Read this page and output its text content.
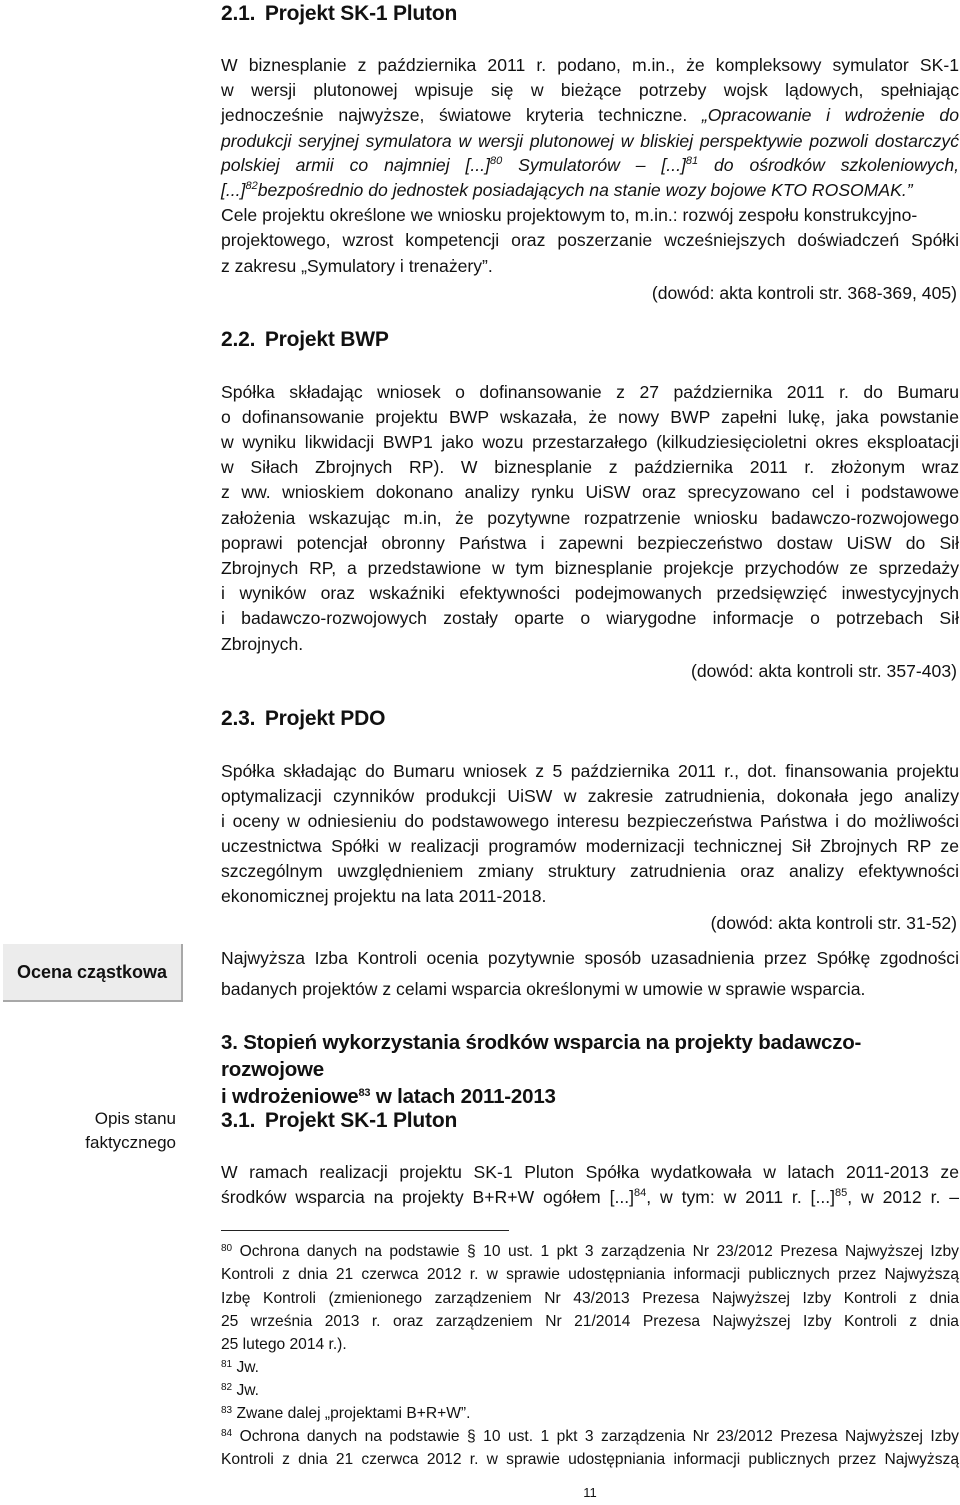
2.1. Projekt SK-1 Pluton
W biznesplanie z października 2011 r. podano, m.in., że kompleksowy symulator SK-1
w wersji plutonowej wpisuje się w bieżące potrzeby wojsk lądowych, spełniając
jednocześnie najwyższe, światowe kryteria techniczne. „Opracowanie i wdrożenie do
produkcji seryjnej symulatora w wersji plutonowej w bliskiej perspektywie pozwoli dostarczyć
polskiej armii co najmniej [...]$^{80}$ Symulatorów – [...]$^{81}$ do ośrodków szkoleniowych,
[...]$^{82}$bezpośrednio do jednostek posiadających na stanie wozy bojowe KTO ROSOMAK.”
Cele projektu określone we wniosku projektowym to, m.in.: rozwój zespołu konstrukcyjno-
projektowego, wzrost kompetencji oraz poszerzanie wcześniejszych doświadczeń Spółki
z zakresu „Symulatory i trenażery”.
(dowód: akta kontroli str. 368-369, 405)
2.2. Projekt BWP
Spółka składając wniosek o dofinansowanie z 27 października 2011 r. do Bumaru
o dofinansowanie projektu BWP wskazała, że nowy BWP zapełni lukę, jaka powstanie
w wyniku likwidacji BWP1 jako wozu przestarzałego (kilkudziesięcioletni okres eksploatacji
w Siłach Zbrojnych RP). W biznesplanie z października 2011 r. złożonym wraz
z ww. wnioskiem dokonano analizy rynku UiSW oraz sprecyzowano cel i podstawowe
założenia wskazując m.in, że pozytywne rozpatrzenie wniosku badawczo-rozwojowego
poprawi potencjał obronny Państwa i zapewni bezpieczeństwo dostaw UiSW do Sił
Zbrojnych RP, a przedstawione w tym biznesplanie projekcje przychodów ze sprzedaży
i wyników oraz wskaźniki efektywności podejmowanych przedsięwzięć inwestycyjnych
i badawczo-rozwojowych zostały oparte o wiarygodne informacje o potrzebach Sił
Zbrojnych.
(dowód: akta kontroli str. 357-403)
2.3. Projekt PDO
Spółka składając do Bumaru wniosek z 5 października 2011 r., dot. finansowania projektu
optymalizacji czynników produkcji UiSW w zakresie zatrudnienia, dokonała jego analizy
i oceny w odniesieniu do podstawowego interesu bezpieczeństwa Państwa i do możliwości
uczestnictwa Spółki w realizacji programów modernizacji technicznej Sił Zbrojnych RP ze
szczególnym uwzględnieniem zmiany struktury zatrudnienia oraz analizy efektywności
ekonomicznej projektu na lata 2011-2018.
(dowód: akta kontroli str. 31-52)
Ocena cząstkowa
Najwyższa Izba Kontroli ocenia pozytywnie sposób uzasadnienia przez Spółkę zgodności
badanych projektów z celami wsparcia określonymi w umowie w sprawie wsparcia.
3. Stopień wykorzystania środków wsparcia na projekty badawczo-rozwojowe
i wdrożeniowe$^{83}$ w latach 2011-2013
Opis stanu
faktycznego
3.1. Projekt SK-1 Pluton
W ramach realizacji projektu SK-1 Pluton Spółka wydatkowała w latach 2011-2013 ze
środków wsparcia na projekty B+R+W ogółem [...]$^{84}$, w tym: w 2011 r. [...]$^{85}$, w 2012 r. –
$^{80}$ Ochrona danych na podstawie § 10 ust. 1 pkt 3 zarządzenia Nr 23/2012 Prezesa Najwyższej Izby
Kontroli z dnia 21 czerwca 2012 r. w sprawie udostępniania informacji publicznych przez Najwyższą
Izbę Kontroli (zmienionego zarządzeniem Nr 43/2013 Prezesa Najwyższej Izby Kontroli z dnia
25 września 2013 r. oraz zarządzeniem Nr 21/2014 Prezesa Najwyższej Izby Kontroli z dnia
25 lutego 2014 r.).
$^{81}$ Jw.
$^{82}$ Jw.
$^{83}$ Zwane dalej „projektami B+R+W”.
$^{84}$ Ochrona danych na podstawie § 10 ust. 1 pkt 3 zarządzenia Nr 23/2012 Prezesa Najwyższej Izby
Kontroli z dnia 21 czerwca 2012 r. w sprawie udostępniania informacji publicznych przez Najwyższą
11
